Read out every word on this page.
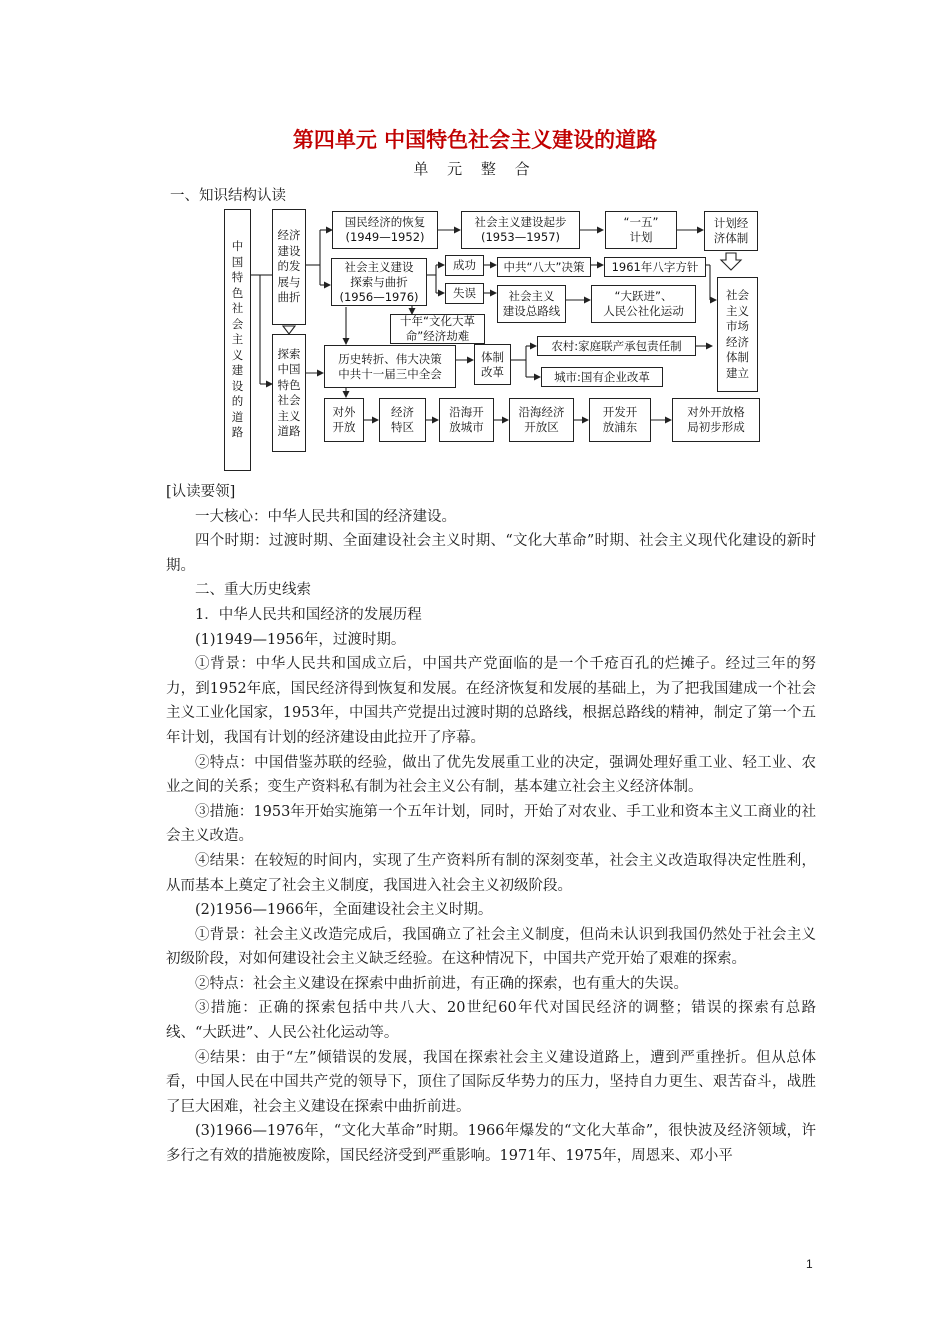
第四单元 中国特色社会主义建设的道路
单 元 整 合
一、知识结构认读
中
国
特
色
社
会
主
义
建
设
的
道
路
经济
建设
的发
展与
曲折
探索
中国
特色
社会
主义
道路
国民经济的恢复
(1949—1952)
社会主义建设起步
(1953—1957)
“一五”
计划
计划经
济体制
社会主义建设
探索与曲折
(1956—1976)
成功	中共“八大”决策	1961年八字方针
失误	社会主义
建设总路线
“大跃进”、
人民公社化运动
社会
主义
市场
经济
体制
建立
十年“文化大革
命”经济劫难
历史转折、伟大决策
中共十一届三中全会
体制
改革
农村:家庭联产承包责任制
城市:国有企业改革
对外
开放
经济
特区
沿海开
放城市
沿海经济
开放区
开发开
放浦东
对外开放格
局初步形成

[认读要领]

一大核心：中华人民共和国的经济建设。

四个时期：过渡时期、全面建设社会主义时期、“文化大革命”时期、社会主义现代化建设的新时期。

二、重大历史线索

1．中华人民共和国经济的发展历程

(1)1949—1956年，过渡时期。

①背景：中华人民共和国成立后，中国共产党面临的是一个千疮百孔的烂摊子。经过三年的努力，到1952年底，国民经济得到恢复和发展。在经济恢复和发展的基础上，为了把我国建成一个社会主义工业化国家，1953年，中国共产党提出过渡时期的总路线，根据总路线的精神，制定了第一个五年计划，我国有计划的经济建设由此拉开了序幕。

②特点：中国借鉴苏联的经验，做出了优先发展重工业的决定，强调处理好重工业、轻工业、农业之间的关系；变生产资料私有制为社会主义公有制，基本建立社会主义经济体制。

③措施：1953年开始实施第一个五年计划，同时，开始了对农业、手工业和资本主义工商业的社会主义改造。

④结果：在较短的时间内，实现了生产资料所有制的深刻变革，社会主义改造取得决定性胜利，从而基本上奠定了社会主义制度，我国进入社会主义初级阶段。

(2)1956—1966年，全面建设社会主义时期。

①背景：社会主义改造完成后，我国确立了社会主义制度，但尚未认识到我国仍然处于社会主义初级阶段，对如何建设社会主义缺乏经验。在这种情况下，中国共产党开始了艰难的探索。

②特点：社会主义建设在探索中曲折前进，有正确的探索，也有重大的失误。

③措施：正确的探索包括中共八大、20世纪60年代对国民经济的调整；错误的探索有总路线、“大跃进”、人民公社化运动等。

④结果：由于“左”倾错误的发展，我国在探索社会主义建设道路上，遭到严重挫折。但从总体看，中国人民在中国共产党的领导下，顶住了国际反华势力的压力，坚持自力更生、艰苦奋斗，战胜了巨大困难，社会主义建设在探索中曲折前进。

(3)1966—1976年，“文化大革命”时期。1966年爆发的“文化大革命”，很快波及经济领域，许多行之有效的措施被废除，国民经济受到严重影响。1971年、1975年，周恩来、邓小平

1
